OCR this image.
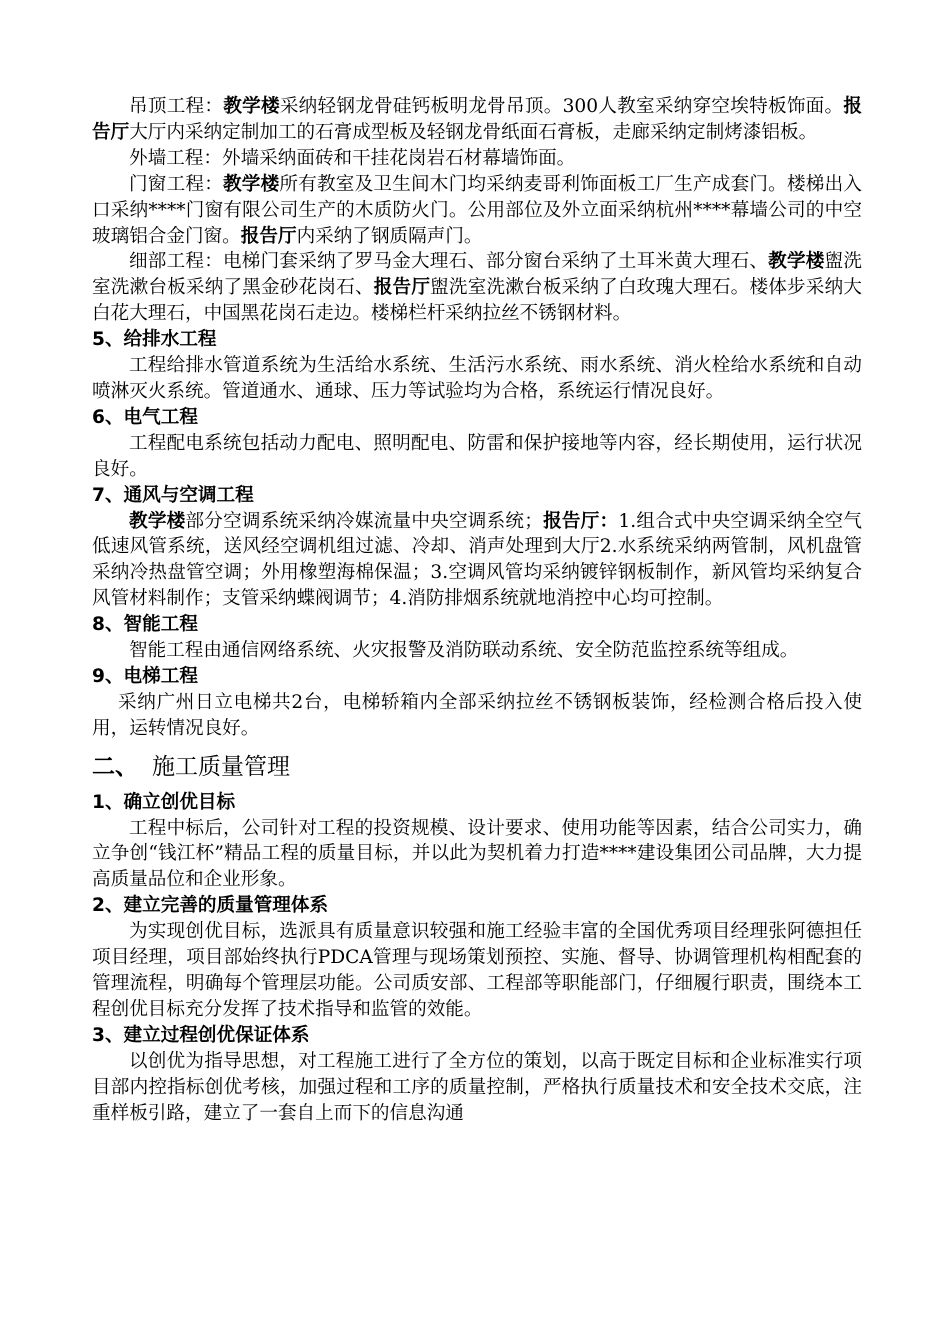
吊顶工程：教学楼采纳轻钢龙骨硅钙板明龙骨吊顶。300人教室采纳穿空埃特板饰面。报告厅大厅内采纳定制加工的石膏成型板及轻钢龙骨纸面石膏板，走廊采纳定制烤漆铝板。

外墙工程：外墙采纳面砖和干挂花岗岩石材幕墙饰面。

门窗工程：教学楼所有教室及卫生间木门均采纳麦哥利饰面板工厂生产成套门。楼梯出入口采纳****门窗有限公司生产的木质防火门。公用部位及外立面采纳杭州****幕墙公司的中空玻璃铝合金门窗。报告厅内采纳了钢质隔声门。

细部工程：电梯门套采纳了罗马金大理石、部分窗台采纳了土耳米黄大理石、教学楼盥洗室洗漱台板采纳了黑金砂花岗石、报告厅盥洗室洗漱台板采纳了白玫瑰大理石。楼体步采纳大白花大理石，中国黑花岗石走边。楼梯栏杆采纳拉丝不锈钢材料。

5、给排水工程

工程给排水管道系统为生活给水系统、生活污水系统、雨水系统、消火栓给水系统和自动喷淋灭火系统。管道通水、通球、压力等试验均为合格，系统运行情况良好。

6、电气工程

工程配电系统包括动力配电、照明配电、防雷和保护接地等内容，经长期使用，运行状况良好。

7、通风与空调工程

教学楼部分空调系统采纳冷媒流量中央空调系统；报告厅：1.组合式中央空调采纳全空气低速风管系统，送风经空调机组过滤、冷却、消声处理到大厅2.水系统采纳两管制，风机盘管采纳冷热盘管空调；外用橡塑海棉保温；3.空调风管均采纳镀锌钢板制作，新风管均采纳复合风管材料制作；支管采纳蝶阀调节；4.消防排烟系统就地消控中心均可控制。

8、智能工程

智能工程由通信网络系统、火灾报警及消防联动系统、安全防范监控系统等组成。

9、电梯工程

采纳广州日立电梯共2台，电梯轿箱内全部采纳拉丝不锈钢板装饰，经检测合格后投入使用，运转情况良好。

二、 施工质量管理

1、确立创优目标

工程中标后，公司针对工程的投资规模、设计要求、使用功能等因素，结合公司实力，确立争创“钱江杯”精品工程的质量目标，并以此为契机着力打造****建设集团公司品牌，大力提高质量品位和企业形象。

2、建立完善的质量管理体系

为实现创优目标，选派具有质量意识较强和施工经验丰富的全国优秀项目经理张阿德担任项目经理，项目部始终执行PDCA管理与现场策划预控、实施、督导、协调管理机构相配套的管理流程，明确每个管理层功能。公司质安部、工程部等职能部门，仔细履行职责，围绕本工程创优目标充分发挥了技术指导和监管的效能。

3、建立过程创优保证体系

以创优为指导思想，对工程施工进行了全方位的策划，以高于既定目标和企业标准实行项目部内控指标创优考核，加强过程和工序的质量控制，严格执行质量技术和安全技术交底，注重样板引路，建立了一套自上而下的信息沟通
